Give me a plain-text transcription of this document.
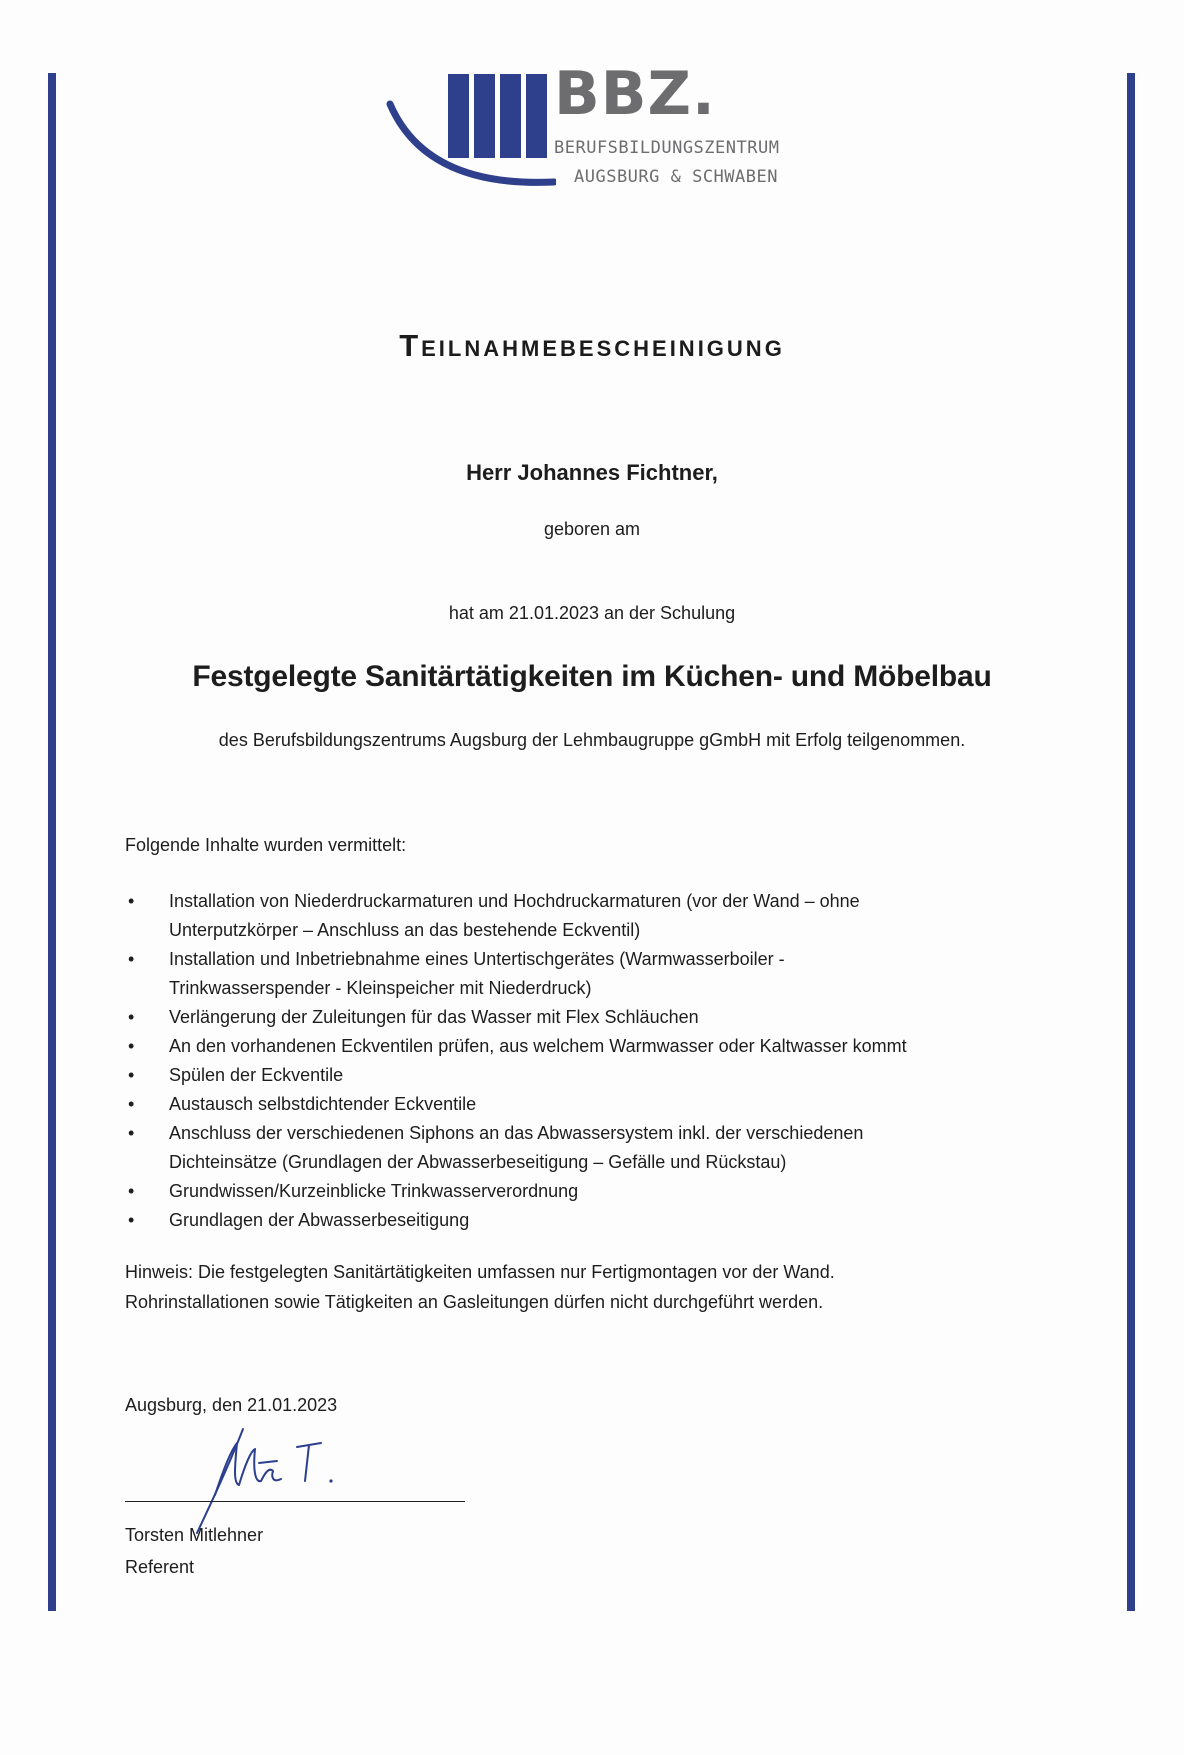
BBZ.
BERUFSBILDUNGSZENTRUM
AUGSBURG & SCHWABEN
Teilnahmebescheinigung
Herr Johannes Fichtner,
geboren am
hat am 21.01.2023 an der Schulung
Festgelegte Sanitärtätigkeiten im Küchen- und Möbelbau
des Berufsbildungszentrums Augsburg der Lehmbaugruppe gGmbH mit Erfolg teilgenommen.
Folgende Inhalte wurden vermittelt:
• Installation von Niederdruckarmaturen und Hochdruckarmaturen (vor der Wand – ohne
Unterputzkörper – Anschluss an das bestehende Eckventil)
• Installation und Inbetriebnahme eines Untertischgerätes (Warmwasserboiler -
Trinkwasserspender - Kleinspeicher mit Niederdruck)
• Verlängerung der Zuleitungen für das Wasser mit Flex Schläuchen
• An den vorhandenen Eckventilen prüfen, aus welchem Warmwasser oder Kaltwasser kommt
• Spülen der Eckventile
• Austausch selbstdichtender Eckventile
• Anschluss der verschiedenen Siphons an das Abwassersystem inkl. der verschiedenen
Dichteinsätze (Grundlagen der Abwasserbeseitigung – Gefälle und Rückstau)
• Grundwissen/Kurzeinblicke Trinkwasserverordnung
• Grundlagen der Abwasserbeseitigung
Hinweis: Die festgelegten Sanitärtätigkeiten umfassen nur Fertigmontagen vor der Wand.
Rohrinstallationen sowie Tätigkeiten an Gasleitungen dürfen nicht durchgeführt werden.
Augsburg, den 21.01.2023
Torsten Mitlehner
Referent
